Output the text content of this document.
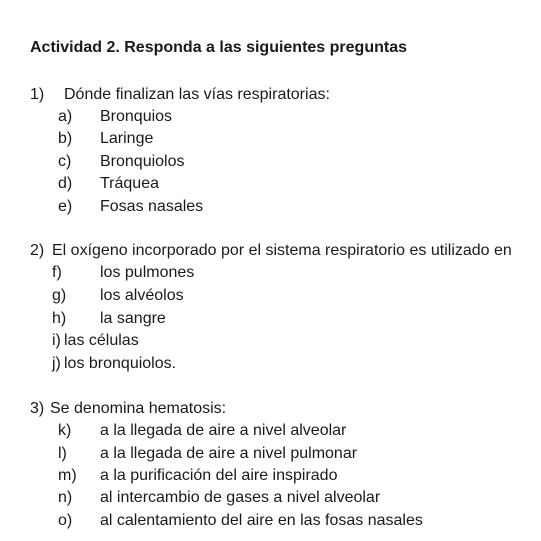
Actividad 2. Responda a las siguientes preguntas
1) Dónde finalizan las vías respiratorias:
a) Bronquios
b) Laringe
c) Bronquiolos
d) Tráquea
e) Fosas nasales
2) El oxígeno incorporado por el sistema respiratorio es utilizado en
f) los pulmones
g) los alvéolos
h) la sangre
i) las células
j) los bronquiolos.
3) Se denomina hematosis:
k) a la llegada de aire a nivel alveolar
l) a la llegada de aire a nivel pulmonar
m) a la purificación del aire inspirado
n) al intercambio de gases a nivel alveolar
o) al calentamiento del aire en las fosas nasales
